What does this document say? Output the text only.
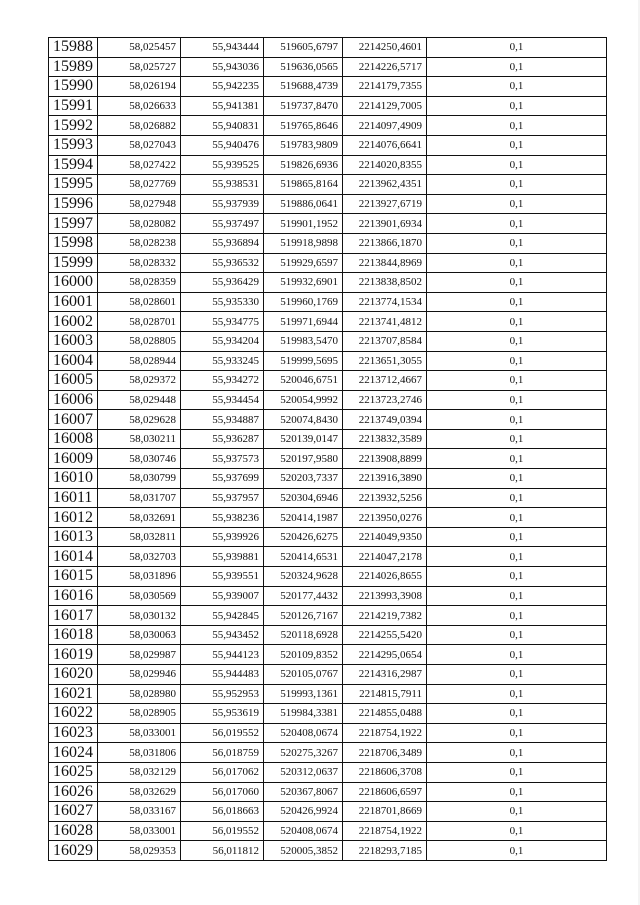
15988	58,025457	55,943444	519605,6797	2214250,4601	0,1
15989	58,025727	55,943036	519636,0565	2214226,5717	0,1
15990	58,026194	55,942235	519688,4739	2214179,7355	0,1
15991	58,026633	55,941381	519737,8470	2214129,7005	0,1
15992	58,026882	55,940831	519765,8646	2214097,4909	0,1
15993	58,027043	55,940476	519783,9809	2214076,6641	0,1
15994	58,027422	55,939525	519826,6936	2214020,8355	0,1
15995	58,027769	55,938531	519865,8164	2213962,4351	0,1
15996	58,027948	55,937939	519886,0641	2213927,6719	0,1
15997	58,028082	55,937497	519901,1952	2213901,6934	0,1
15998	58,028238	55,936894	519918,9898	2213866,1870	0,1
15999	58,028332	55,936532	519929,6597	2213844,8969	0,1
16000	58,028359	55,936429	519932,6901	2213838,8502	0,1
16001	58,028601	55,935330	519960,1769	2213774,1534	0,1
16002	58,028701	55,934775	519971,6944	2213741,4812	0,1
16003	58,028805	55,934204	519983,5470	2213707,8584	0,1
16004	58,028944	55,933245	519999,5695	2213651,3055	0,1
16005	58,029372	55,934272	520046,6751	2213712,4667	0,1
16006	58,029448	55,934454	520054,9992	2213723,2746	0,1
16007	58,029628	55,934887	520074,8430	2213749,0394	0,1
16008	58,030211	55,936287	520139,0147	2213832,3589	0,1
16009	58,030746	55,937573	520197,9580	2213908,8899	0,1
16010	58,030799	55,937699	520203,7337	2213916,3890	0,1
16011	58,031707	55,937957	520304,6946	2213932,5256	0,1
16012	58,032691	55,938236	520414,1987	2213950,0276	0,1
16013	58,032811	55,939926	520426,6275	2214049,9350	0,1
16014	58,032703	55,939881	520414,6531	2214047,2178	0,1
16015	58,031896	55,939551	520324,9628	2214026,8655	0,1
16016	58,030569	55,939007	520177,4432	2213993,3908	0,1
16017	58,030132	55,942845	520126,7167	2214219,7382	0,1
16018	58,030063	55,943452	520118,6928	2214255,5420	0,1
16019	58,029987	55,944123	520109,8352	2214295,0654	0,1
16020	58,029946	55,944483	520105,0767	2214316,2987	0,1
16021	58,028980	55,952953	519993,1361	2214815,7911	0,1
16022	58,028905	55,953619	519984,3381	2214855,0488	0,1
16023	58,033001	56,019552	520408,0674	2218754,1922	0,1
16024	58,031806	56,018759	520275,3267	2218706,3489	0,1
16025	58,032129	56,017062	520312,0637	2218606,3708	0,1
16026	58,032629	56,017060	520367,8067	2218606,6597	0,1
16027	58,033167	56,018663	520426,9924	2218701,8669	0,1
16028	58,033001	56,019552	520408,0674	2218754,1922	0,1
16029	58,029353	56,011812	520005,3852	2218293,7185	0,1
